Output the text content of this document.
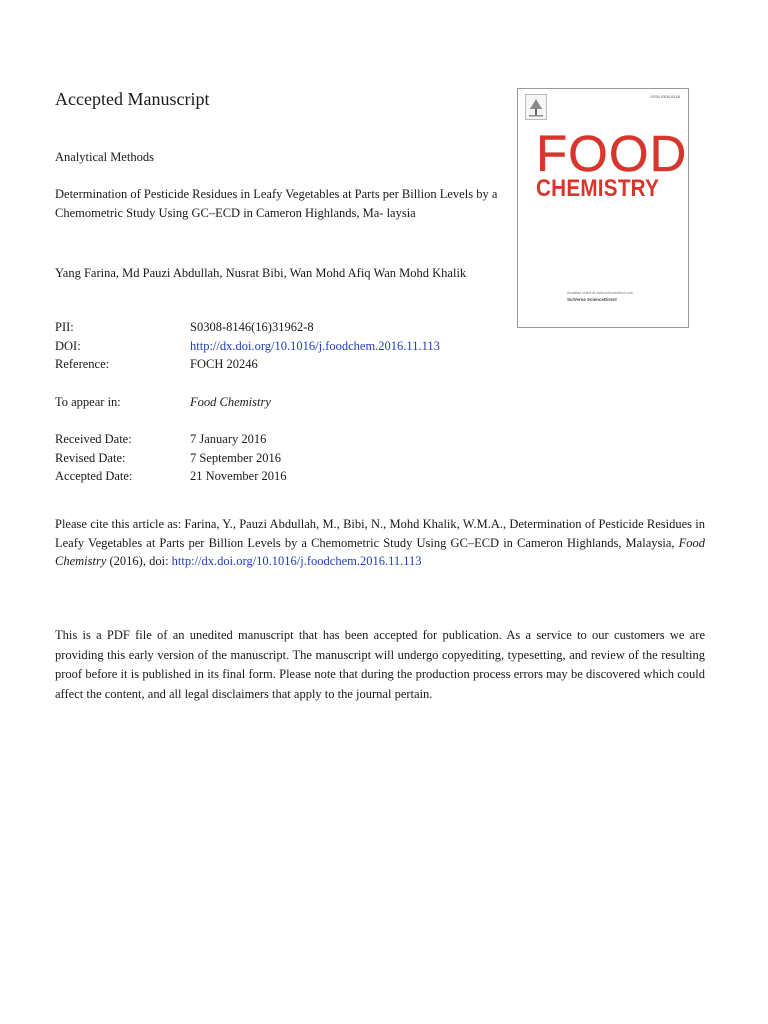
Accepted Manuscript
Analytical Methods
Determination of Pesticide Residues in Leafy Vegetables at Parts per Billion Levels by a Chemometric Study Using GC–ECD in Cameron Highlands, Ma- laysia
Yang Farina, Md Pauzi Abdullah, Nusrat Bibi, Wan Mohd Afiq Wan Mohd Khalik
PII:	S0308-8146(16)31962-8
DOI:	http://dx.doi.org/10.1016/j.foodchem.2016.11.113
Reference:	FOCH 20246
To appear in:	Food Chemistry
Received Date:	7 January 2016
Revised Date:	7 September 2016
Accepted Date:	21 November 2016
Please cite this article as: Farina, Y., Pauzi Abdullah, M., Bibi, N., Mohd Khalik, W.M.A., Determination of Pesticide Residues in Leafy Vegetables at Parts per Billion Levels by a Chemometric Study Using GC–ECD in Cameron Highlands, Malaysia, Food Chemistry (2016), doi: http://dx.doi.org/10.1016/j.foodchem.2016.11.113
This is a PDF file of an unedited manuscript that has been accepted for publication. As a service to our customers we are providing this early version of the manuscript. The manuscript will undergo copyediting, typesetting, and review of the resulting proof before it is published in its final form. Please note that during the production process errors may be discovered which could affect the content, and all legal disclaimers that apply to the journal pertain.
ISSN 0308-8146
FOOD
CHEMISTRY
Available online at www.sciencedirect.com
SciVerse ScienceDirect
